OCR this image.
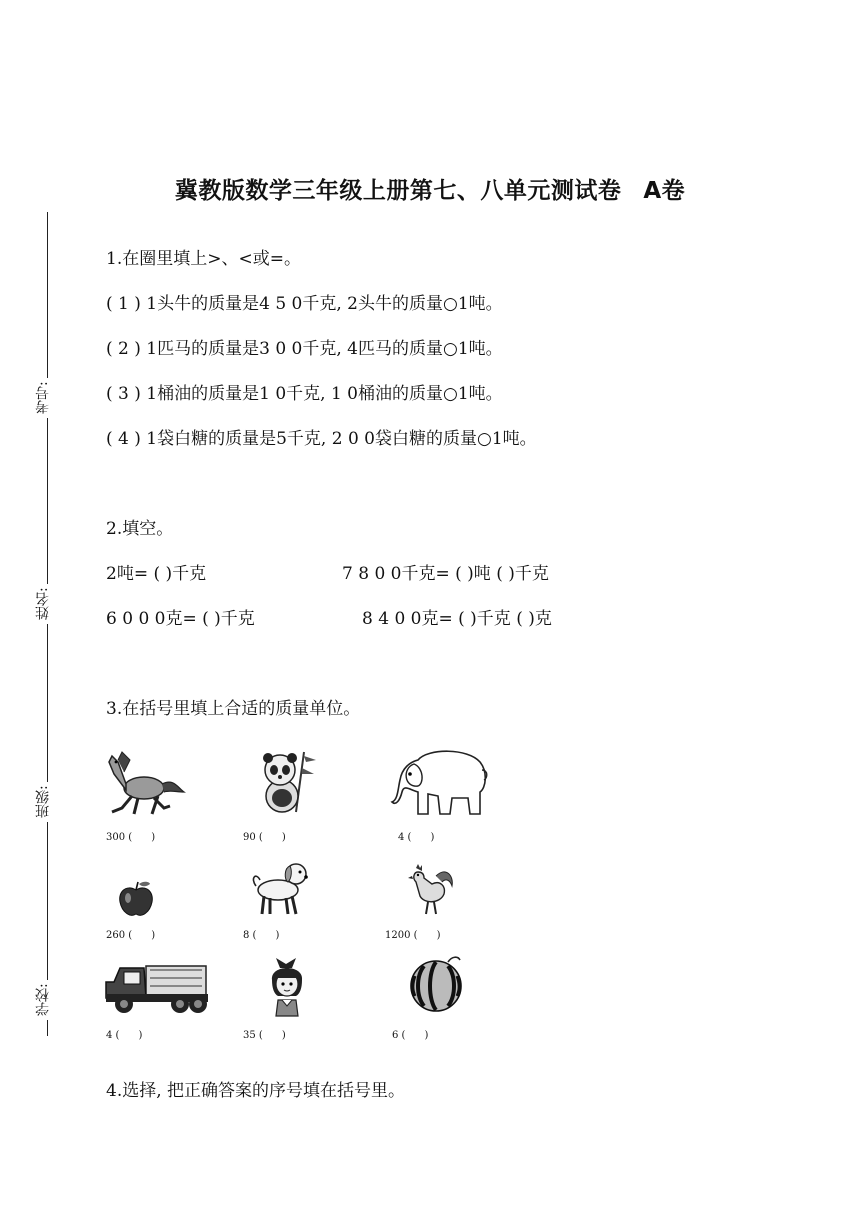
冀教版数学三年级上册第七、八单元测试卷 A卷
考号:
姓名:
班级:
学校:
1.在圈里填上>、<或=。
( 1 ) 1头牛的质量是4 5 0千克, 2头牛的质量○1吨。
( 2 ) 1匹马的质量是3 0 0千克, 4匹马的质量○1吨。
( 3 ) 1桶油的质量是1 0千克, 1 0桶油的质量○1吨。
( 4 ) 1袋白糖的质量是5千克, 2 0 0袋白糖的质量○1吨。
2.填空。
2吨= ( )千克	7 8 0 0千克= ( )吨 ( )千克
6 0 0 0克= ( )千克	8 4 0 0克= ( )千克 ( )克
3.在括号里填上合适的质量单位。
300 (      )	90 (      )	4 (      )
260 (      )	8 (      )	1200 (      )
4 (      )	35 (      )	6 (      )
4.选择, 把正确答案的序号填在括号里。
